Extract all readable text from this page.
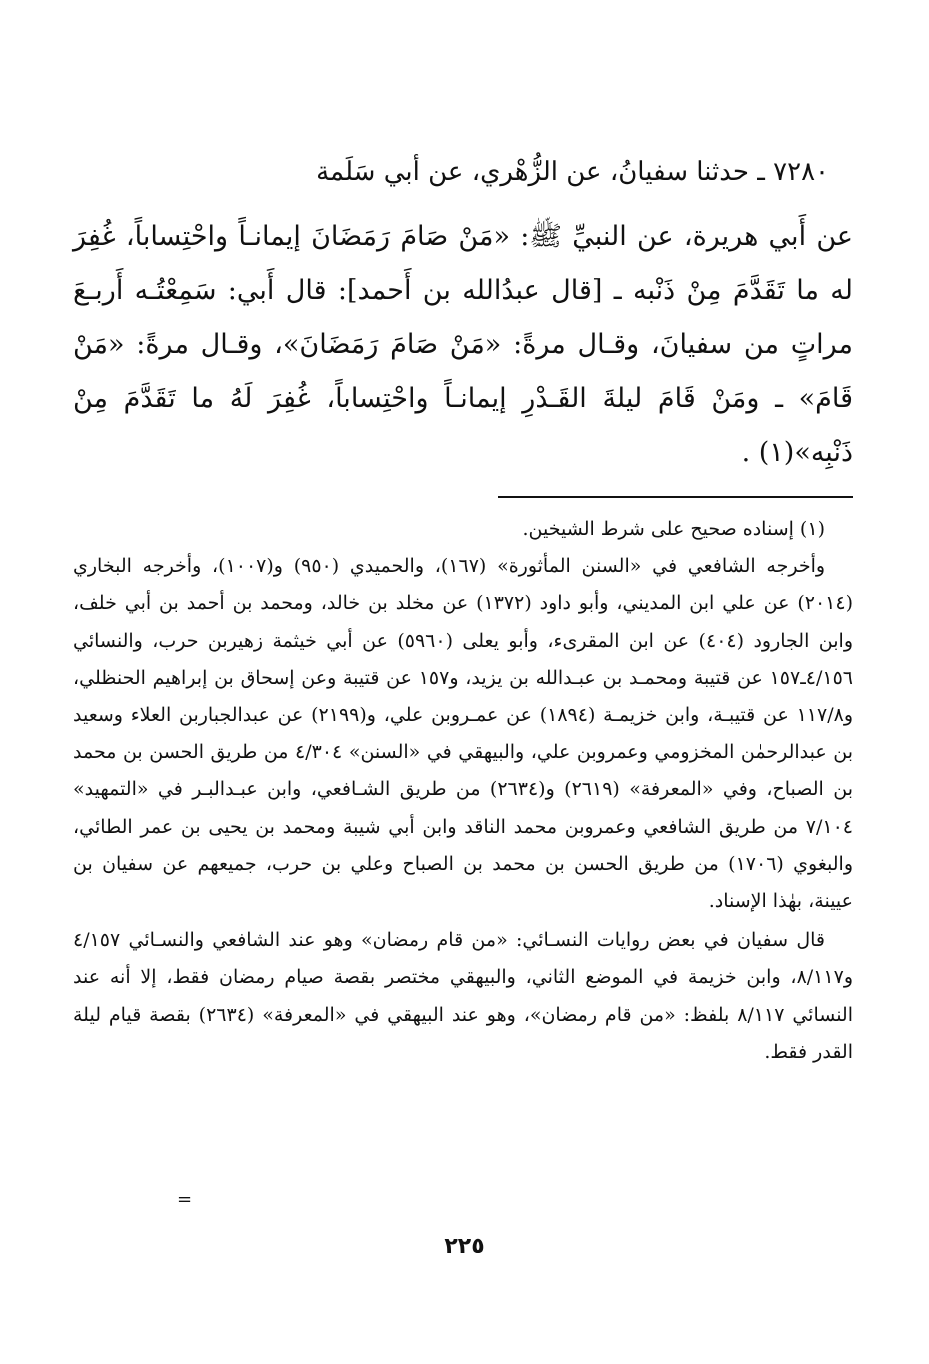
٧٢٨٠ ـ حدثنا سفيانُ، عن الزُّهْري، عن أبي سَلَمة
عن أَبي هريرة، عن النبيِّ ﷺ: «مَنْ صَامَ رَمَضَانَ إيمانـاً واحْتِساباً، غُفِرَ له ما تَقَدَّمَ مِنْ ذَنْبه ـ [قال عبدُالله بن أَحمد]: قال أَبي: سَمِعْتُـه أَربـعَ مراتٍ من سفيانَ، وقـال مرةً: «مَنْ صَامَ رَمَضَانَ»، وقـال مرةً: «مَنْ قَامَ» ـ ومَنْ قَامَ ليلةَ القَـدْرِ إيمانـاً واحْتِساباً، غُفِرَ لَهُ ما تَقَدَّمَ مِنْ ذَنْبِه»(١) .

(١) إسناده صحيح على شرط الشيخين.

وأخرجه الشافعي في «السنن المأثورة» (١٦٧)، والحميدي (٩٥٠) و(١٠٠٧)، وأخرجه البخاري (٢٠١٤) عن علي ابن المديني، وأبو داود (١٣٧٢) عن مخلد بن خالد، ومحمد بن أحمد بن أبي خلف، وابن الجارود (٤٠٤) عن ابن المقرىء، وأبو يعلى (٥٩٦٠) عن أبي خيثمة زهيربن حرب، والنسائي ٤/١٥٦ـ١٥٧ عن قتيبة ومحمـد بن عبـدالله بن يزيد، و١٥٧ عن قتيبة وعن إسحاق بن إبراهيم الحنظلي، و١١٧/٨ عن قتيبـة، وابن خزيمـة (١٨٩٤) عن عمـروبن علي، و(٢١٩٩) عن عبدالجباربن العلاء وسعيد بن عبدالرحمٰن المخزومي وعمروبن علي، والبيهقي في «السنن» ٤/٣٠٤ من طريق الحسن بن محمد بن الصباح، وفي «المعرفة» (٢٦١٩) و(٢٦٣٤) من طريق الشـافعي، وابن عبـدالبـر في «التمهيد» ٧/١٠٤ من طريق الشافعي وعمروبن محمد الناقد وابن أبي شيبة ومحمد بن يحيى بن عمر الطائي، والبغوي (١٧٠٦) من طريق الحسن بن محمد بن الصباح وعلي بن حرب، جميعهم عن سفيان بن عيينة، بهٰذا الإسناد.

قال سفيان في بعض روايات النسـائي: «من قام رمضان» وهو عند الشافعي والنسـائي ٤/١٥٧ و٨/١١٧، وابن خزيمة في الموضع الثاني، والبيهقي مختصر بقصة صيام رمضان فقط، إلا أنه عند النسائي ٨/١١٧ بلفظ: «من قام رمضان»، وهو عند البيهقي في «المعرفة» (٢٦٣٤) بقصة قيام ليلة القدر فقط.

=
٢٢٥
